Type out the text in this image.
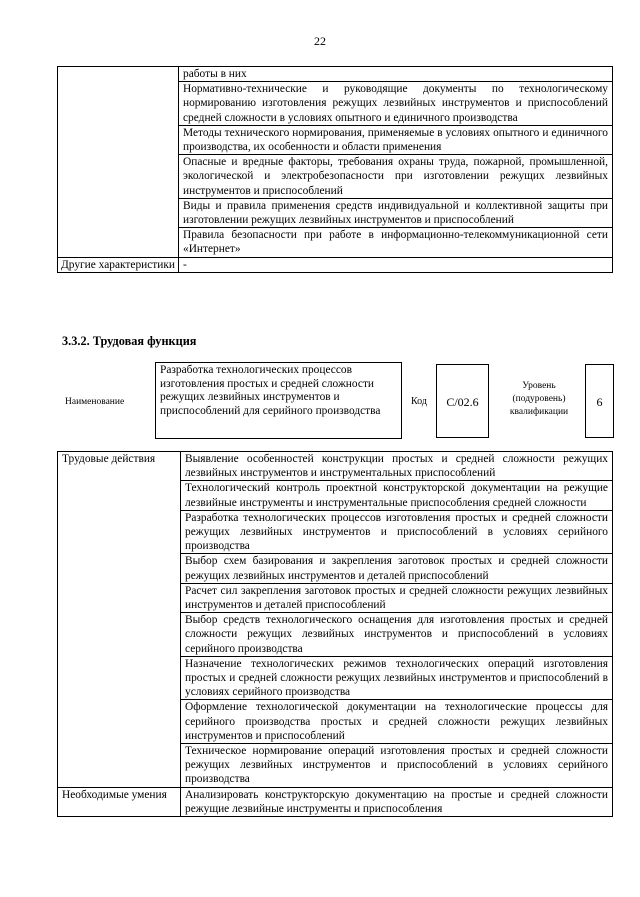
22
	работы в них
	Нормативно-технические и руководящие документы по технологическому нормированию изготовления режущих лезвийных инструментов и приспособлений средней сложности в условиях опытного и единичного производства
	Методы технического нормирования, применяемые в условиях опытного и единичного производства, их особенности и области применения
	Опасные и вредные факторы, требования охраны труда, пожарной, промышленной, экологической и электробезопасности при изготовлении режущих лезвийных инструментов и приспособлений
	Виды и правила применения средств индивидуальной и коллективной защиты при изготовлении режущих лезвийных инструментов и приспособлений
	Правила безопасности при работе в информационно-телекоммуникационной сети «Интернет»
Другие характеристики	-
3.3.2. Трудовая функция
Наименование
Разработка технологических процессов изготовления простых и средней сложности режущих лезвийных инструментов и приспособлений для серийного производства
Код	C/02.6
Уровень (подуровень) квалификации
6
Трудовые действия	Выявление особенностей конструкции простых и средней сложности режущих лезвийных инструментов и инструментальных приспособлений
	Технологический контроль проектной конструкторской документации на режущие лезвийные инструменты и инструментальные приспособления средней сложности
	Разработка технологических процессов изготовления простых и средней сложности режущих лезвийных инструментов и приспособлений в условиях серийного производства
	Выбор схем базирования и закрепления заготовок простых и средней сложности режущих лезвийных инструментов и деталей приспособлений
	Расчет сил закрепления заготовок простых и средней сложности режущих лезвийных инструментов и деталей приспособлений
	Выбор средств технологического оснащения для изготовления простых и средней сложности режущих лезвийных инструментов и приспособлений в условиях серийного производства
	Назначение технологических режимов технологических операций изготовления простых и средней сложности режущих лезвийных инструментов и приспособлений в условиях серийного производства
	Оформление технологической документации на технологические процессы для серийного производства простых и средней сложности режущих лезвийных инструментов и приспособлений
	Техническое нормирование операций изготовления простых и средней сложности режущих лезвийных инструментов и приспособлений в условиях серийного производства
Необходимые умения	Анализировать конструкторскую документацию на простые и средней сложности режущие лезвийные инструменты и приспособления
